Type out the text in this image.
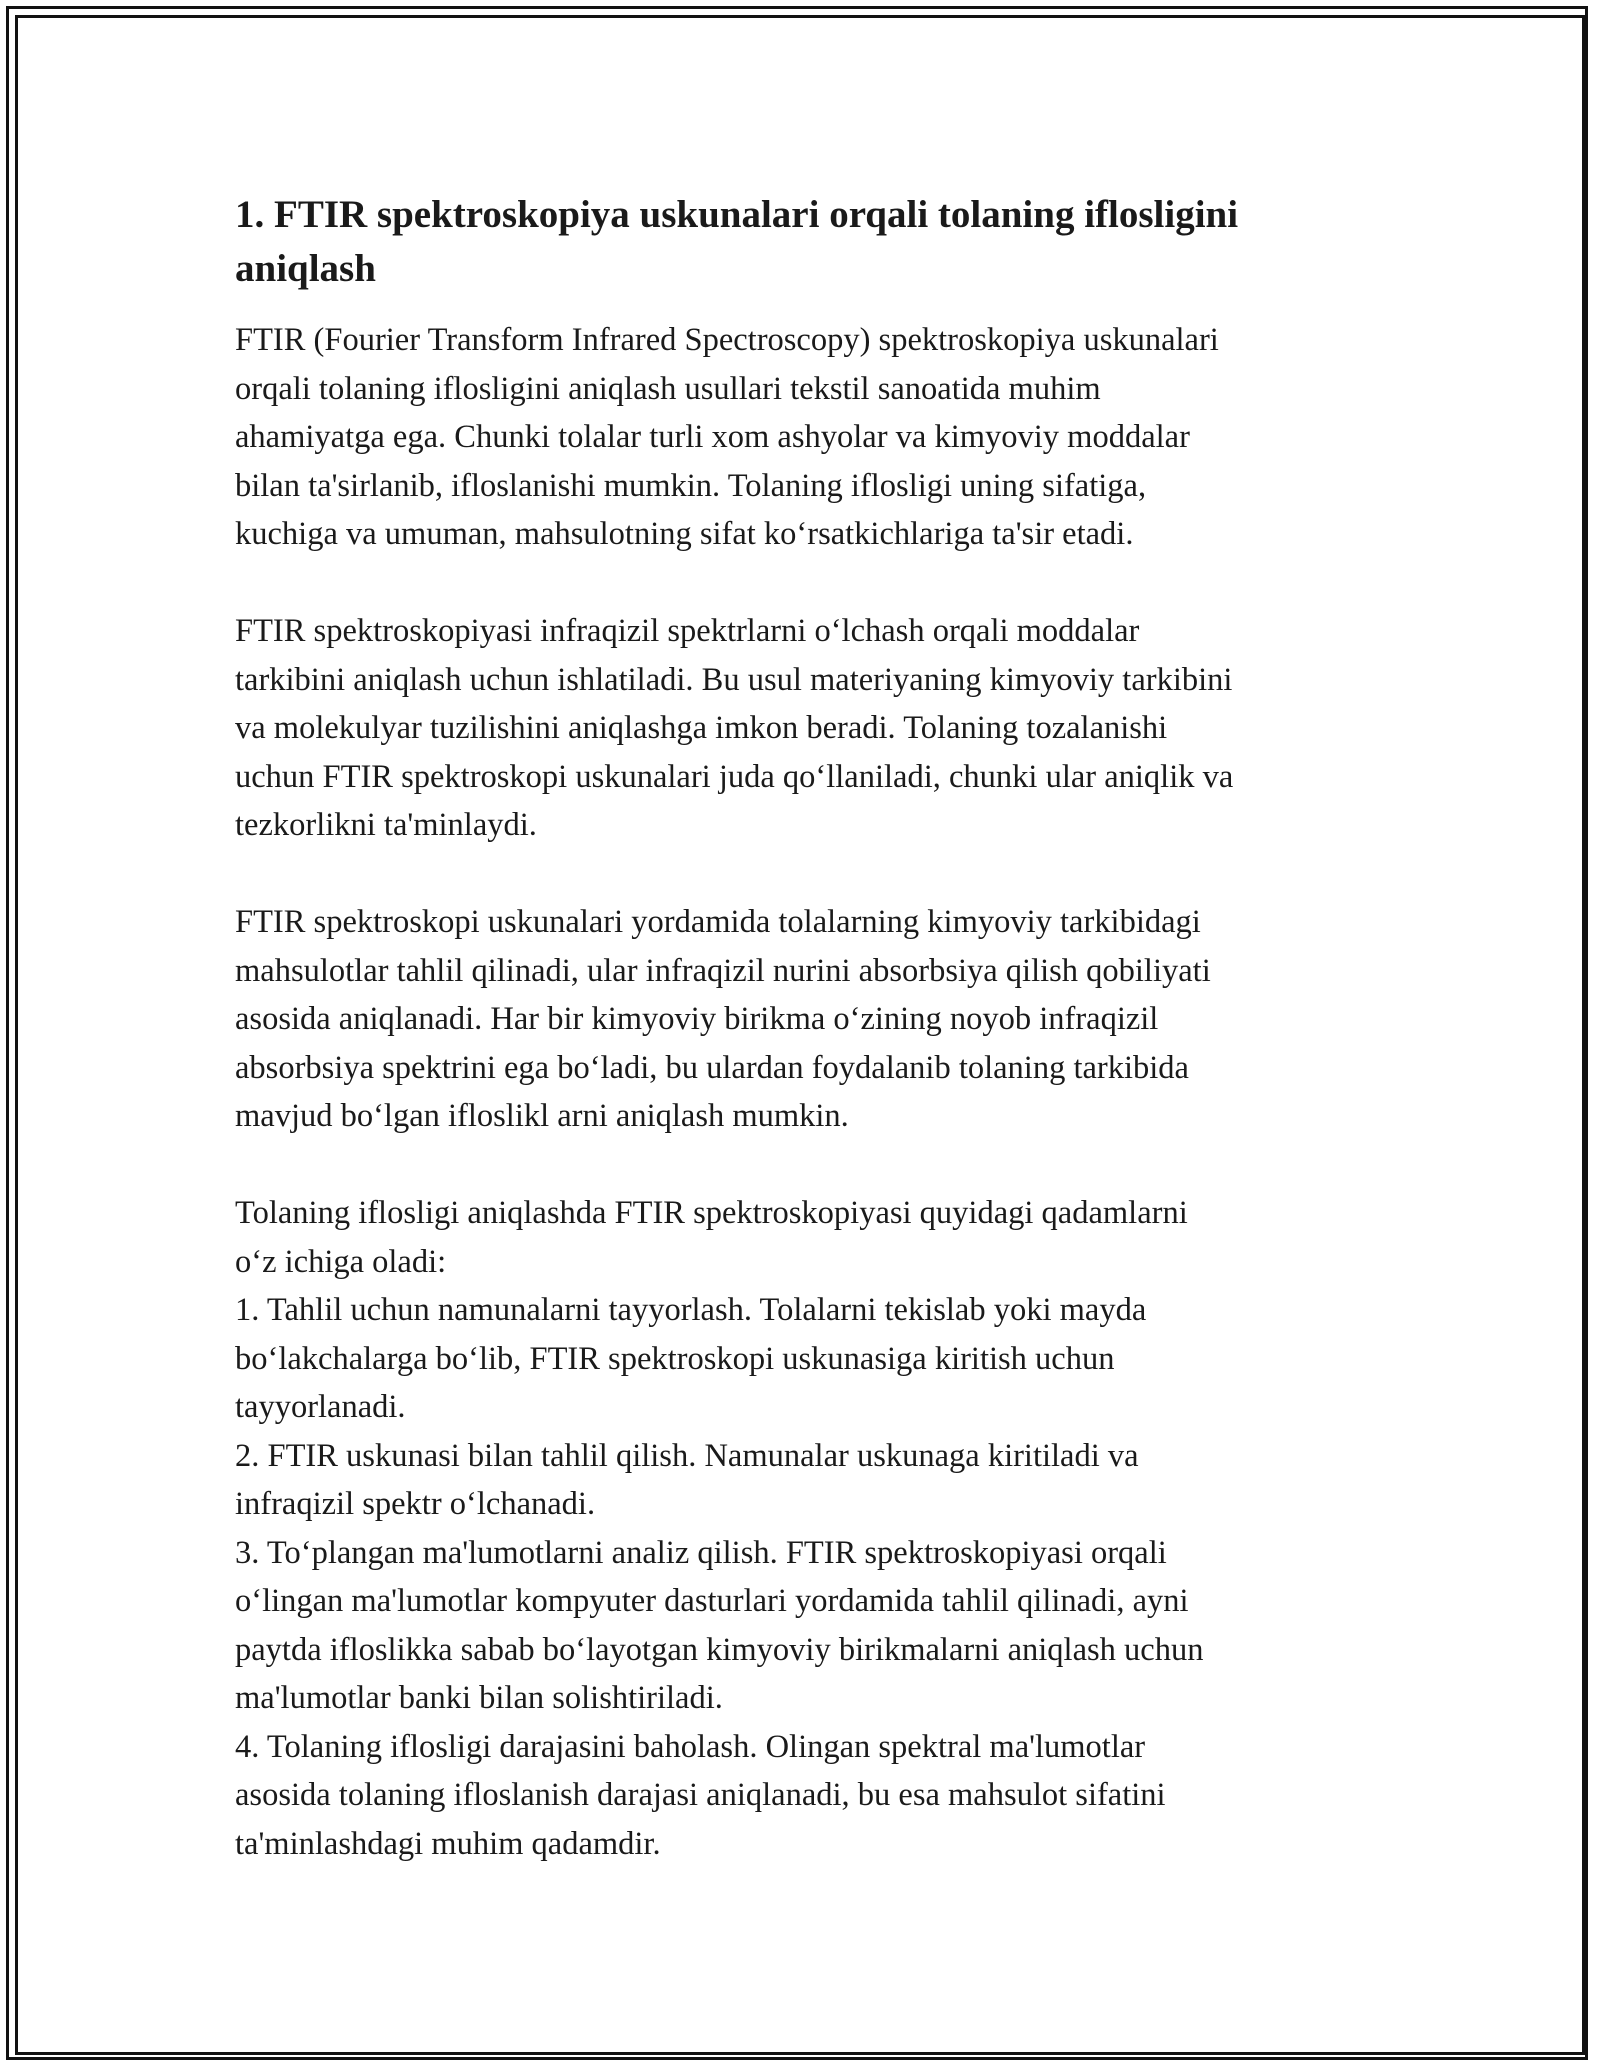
1. FTIR spektroskopiya uskunalari orqali tolaning iflosligini
aniqlash

FTIR (Fourier Transform Infrared Spectroscopy) spektroskopiya uskunalari
orqali tolaning iflosligini aniqlash usullari tekstil sanoatida muhim
ahamiyatga ega. Chunki tolalar turli xom ashyolar va kimyoviy moddalar
bilan ta'sirlanib, ifloslanishi mumkin. Tolaning iflosligi uning sifatiga,
kuchiga va umuman, mahsulotning sifat koʻrsatkichlariga ta'sir etadi.

FTIR spektroskopiyasi infraqizil spektrlarni oʻlchash orqali moddalar
tarkibini aniqlash uchun ishlatiladi. Bu usul materiyaning kimyoviy tarkibini
va molekulyar tuzilishini aniqlashga imkon beradi. Tolaning tozalanishi
uchun FTIR spektroskopi uskunalari juda qoʻllaniladi, chunki ular aniqlik va
tezkorlikni ta'minlaydi.

FTIR spektroskopi uskunalari yordamida tolalarning kimyoviy tarkibidagi
mahsulotlar tahlil qilinadi, ular infraqizil nurini absorbsiya qilish qobiliyati
asosida aniqlanadi. Har bir kimyoviy birikma oʻzining noyob infraqizil
absorbsiya spektrini ega boʻladi, bu ulardan foydalanib tolaning tarkibida
mavjud boʻlgan ifloslikl arni aniqlash mumkin.

Tolaning iflosligi aniqlashda FTIR spektroskopiyasi quyidagi qadamlarni
oʻz ichiga oladi:
1. Tahlil uchun namunalarni tayyorlash. Tolalarni tekislab yoki mayda
boʻlakchalarga boʻlib, FTIR spektroskopi uskunasiga kiritish uchun
tayyorlanadi.
2. FTIR uskunasi bilan tahlil qilish. Namunalar uskunaga kiritiladi va
infraqizil spektr oʻlchanadi.
3. Toʻplangan ma'lumotlarni analiz qilish. FTIR spektroskopiyasi orqali
oʻlingan ma'lumotlar kompyuter dasturlari yordamida tahlil qilinadi, ayni
paytda ifloslikka sabab boʻlayotgan kimyoviy birikmalarni aniqlash uchun
ma'lumotlar banki bilan solishtiriladi.
4. Tolaning iflosligi darajasini baholash. Olingan spektral ma'lumotlar
asosida tolaning ifloslanish darajasi aniqlanadi, bu esa mahsulot sifatini
ta'minlashdagi muhim qadamdir.
